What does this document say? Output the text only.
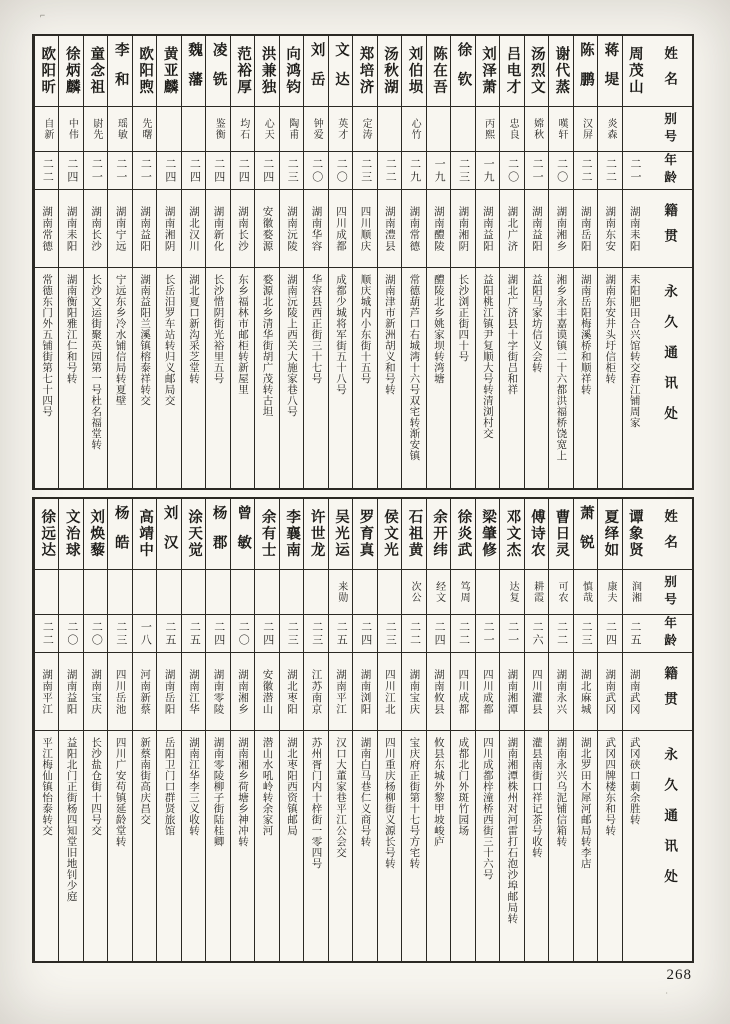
⌐
姓名
别号
年龄
籍贯
永久通讯处
周茂山
二一
湖南耒阳
耒阳肥田合兴馆转交春江铺周家
蒋堤
炎森
二二
湖南东安
湖南东安井头圩信柜转
陈鹏
汉屏
二二
湖南岳阳
湖南岳阳梅溪桥和顺祥转
谢代蒸
嘆轩
二〇
湖南湘乡
湘乡永丰嘉谟镇二十六都洪福桥饶宽上
汤烈文
嫦秋
二一
湖南益阳
益阳马家坊信义会转
吕电才
忠良
二〇
湖北广济
湖北广济县十字街吕和祥
刘泽萧
丙熙
一九
湖南益阳
益阳桃江镇尹复顺大号转清浏村交
徐钦
二三
湖南湘阴
长沙浏正街四十号
陈在吾
一九
湖南醴陵
醴陵北乡姚家坝转湾塘
刘伯埙
心竹
二九
湖南常德
常德葫芦口右城湾十六号双宅转渐安镇
汤秋湖
二二
湖南澧县
湖南津市新洲胡义和号转
郑培济
定涛
二三
四川顺庆
顺庆城内小东街十五号
文达
英才
二〇
四川成都
成都少城将军街五十八号
刘岳
钟爱
二〇
湖南华容
华容县西正街三十七号
向鸿钧
陶甫
二三
湖南沅陵
湖南沅陵上西关大施家巷八号
洪兼独
心天
二四
安徽婺源
婺源北乡清华街胡广茂转古坦
范裕厚
均石
二四
湖南长沙
东乡福林市邮柜转新屋里
凌铣
鉴衡
二四
湖南新化
长沙惜阴街光裕里五号
魏藩
二四
湖北汉川
湖北夏口新沟采芝堂转
黄亚麟
二四
湖南湘阴
长岳汨罗车站转归义邮局交
欧阳煦
先曙
二一
湖南益阳
湖南益阳兰溪镇榕泰祥转交
李和
瑶敏
二一
湖南宁远
宁远东乡冷水铺信局转夏壁
童念祖
尉先
二一
湖南长沙
长沙文运街聚英园第一号杜名福堂转
徐炳麟
中伟
二四
湖南耒阳
湖南衡阳雅江仁和号转
欧阳昕
自新
二二
湖南常德
常德东门外五铺街第七十四号
姓名
别号
年龄
籍贯
永久通讯处
谭象贤
润湘
二五
湖南武冈
武冈硖口莿余胜转
夏绎如
康夫
二四
湖南武冈
武冈四牌楼东和号转
萧锐
慎哉
二三
湖北麻城
湖北罗田木犀河邮局转李店
曹日灵
可农
二二
湖南永兴
湖南永兴乌泥铺信箱转
傅诗农
耕霞
二六
四川灌县
灌县南街口祥记茶号收转
邓文杰
达复
二一
湖南湘潭
湖南湘潭株州对河雷打石泡沙埠邮局转
梁肇修
二一
四川成都
四川成都梓潼桥西街三十六号
徐炎武
笃周
二二
四川成都
成都北门外斑竹园场
余开纬
经文
二四
湖南攸县
攸县东城外黎甲坡峻庐
石祖黄
次公
二二
湖南宝庆
宝庆府正街第十七号方宅转
侯文光
二三
四川江北
四川重庆杨柳街义源长号转
罗育真
二四
湖南浏阳
湖南白马巷仁义商号转
吴光运
来勋
二五
湖南平江
汉口大董家巷平江公会交
许世龙
二三
江苏南京
苏州胥门内十梓街一零四号
李襄南
二三
湖北枣阳
湖北枣阳西资镇邮局
余有士
二四
安徽潜山
潜山水吼岭转余家河
曾敏
二〇
湖南湘乡
湖南湘乡荷塘乡神冲转
杨郡
二四
湖南零陵
湖南零陵柳子街陆桂卿
涂天觉
二五
湖南江华
湖南江华李三义收转
刘汉
二五
湖南岳阳
岳阳卫门口群贤旅馆
高靖中
一八
河南新蔡
新蔡南街高庆昌交
杨皓
二三
四川岳池
四川广安苟镇延龄堂转
刘焕藜
二〇
湖南宝庆
长沙盐仓街十四号交
文治球
二〇
湖南益阳
益阳北门正街杨四知堂旧地钊少庭
徐远达
二二
湖南平江
平江梅仙镇怡泰转交
268
·
